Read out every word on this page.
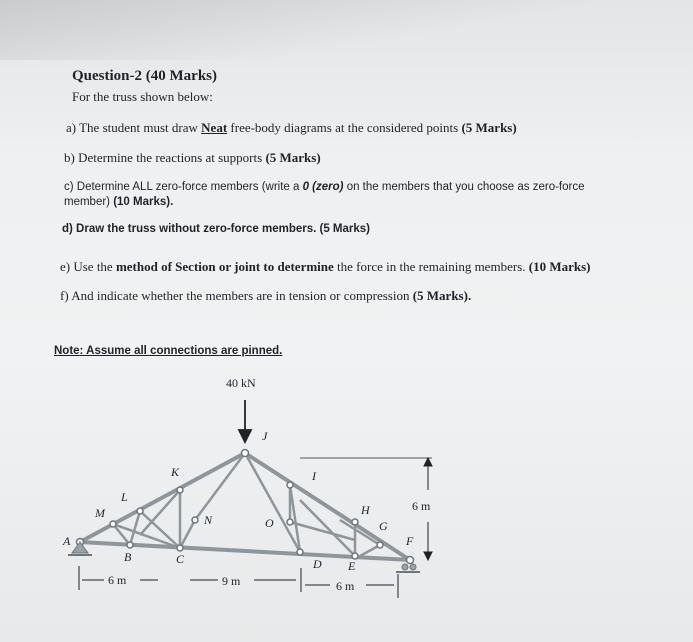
Question-2 (40 Marks)
For the truss shown below:
a) The student must draw Neat free-body diagrams at the considered points (5 Marks)
b) Determine the reactions at supports (5 Marks)
c) Determine ALL zero-force members (write a 0 (zero) on the members that you choose as zero-force
member) (10 Marks).
d) Draw the truss without zero-force members. (5 Marks)
e) Use the method of Section or joint to determine the force in the remaining members. (10 Marks)
f) And indicate whether the members are in tension or compression (5 Marks).
Note: Assume all connections are pinned.
40 kN
A
B	C	D E
F
G
H
I
J
K
L
M	N	O
6 m	9 m	6 m
6 m
